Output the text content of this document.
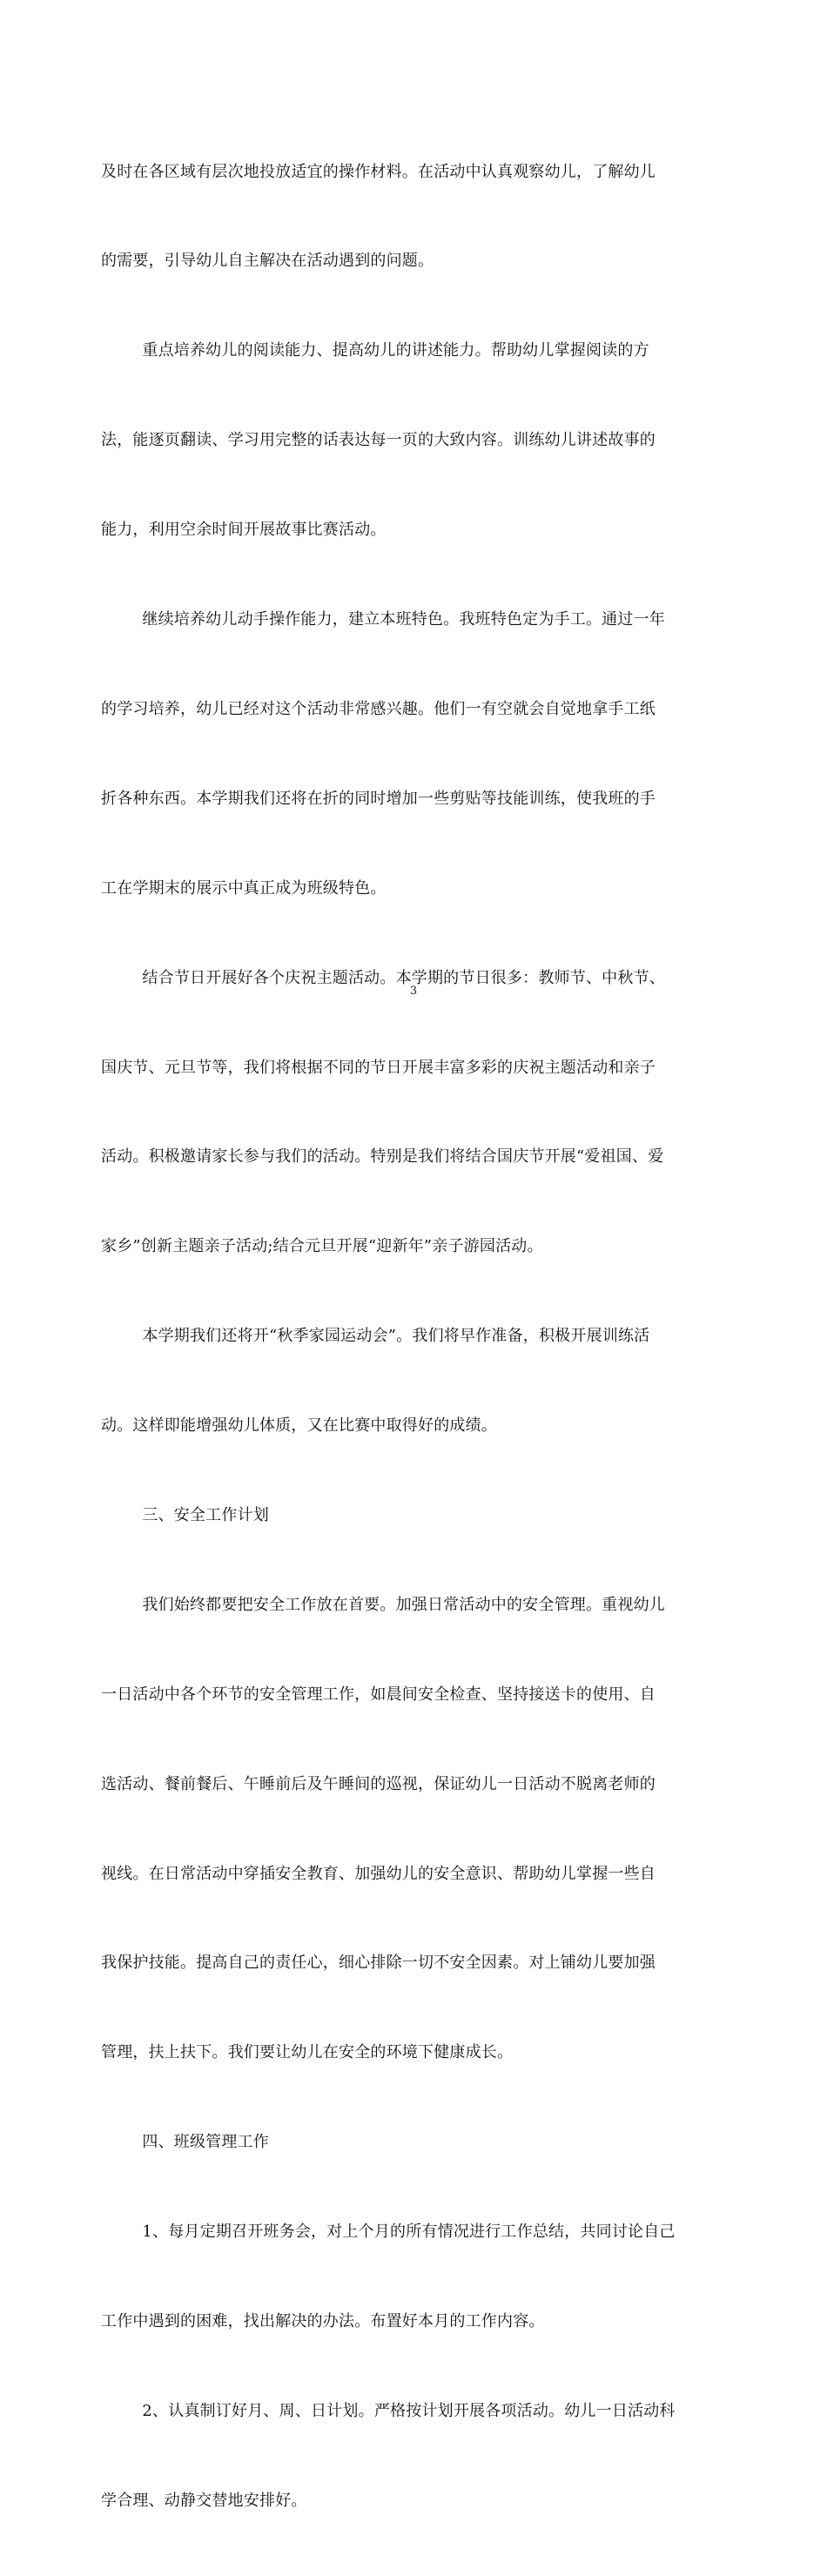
及时在各区域有层次地投放适宜的操作材料。在活动中认真观察幼儿，了解幼儿

的需要，引导幼儿自主解决在活动遇到的问题。

重点培养幼儿的阅读能力、提高幼儿的讲述能力。帮助幼儿掌握阅读的方

法，能逐页翻读、学习用完整的话表达每一页的大致内容。训练幼儿讲述故事的

能力，利用空余时间开展故事比赛活动。

继续培养幼儿动手操作能力，建立本班特色。我班特色定为手工。通过一年

的学习培养，幼儿已经对这个活动非常感兴趣。他们一有空就会自觉地拿手工纸

折各种东西。本学期我们还将在折的同时增加一些剪贴等技能训练，使我班的手

工在学期末的展示中真正成为班级特色。

结合节日开展好各个庆祝主题活动。本学期的节日很多：教师节、中秋节、

国庆节、元旦节等，我们将根据不同的节日开展丰富多彩的庆祝主题活动和亲子

活动。积极邀请家长参与我们的活动。特别是我们将结合国庆节开展“爱祖国、爱

家乡”创新主题亲子活动;结合元旦开展“迎新年”亲子游园活动。

本学期我们还将开“秋季家园运动会”。我们将早作准备，积极开展训练活

动。这样即能增强幼儿体质，又在比赛中取得好的成绩。

三、安全工作计划

我们始终都要把安全工作放在首要。加强日常活动中的安全管理。重视幼儿

一日活动中各个环节的安全管理工作，如晨间安全检查、坚持接送卡的使用、自

选活动、餐前餐后、午睡前后及午睡间的巡视，保证幼儿一日活动不脱离老师的

视线。在日常活动中穿插安全教育、加强幼儿的安全意识、帮助幼儿掌握一些自

我保护技能。提高自己的责任心，细心排除一切不安全因素。对上铺幼儿要加强

管理，扶上扶下。我们要让幼儿在安全的环境下健康成长。

四、班级管理工作

1、每月定期召开班务会，对上个月的所有情况进行工作总结，共同讨论自己

工作中遇到的困难，找出解决的办法。布置好本月的工作内容。

2、认真制订好月、周、日计划。严格按计划开展各项活动。幼儿一日活动科

学合理、动静交替地安排好。

3
